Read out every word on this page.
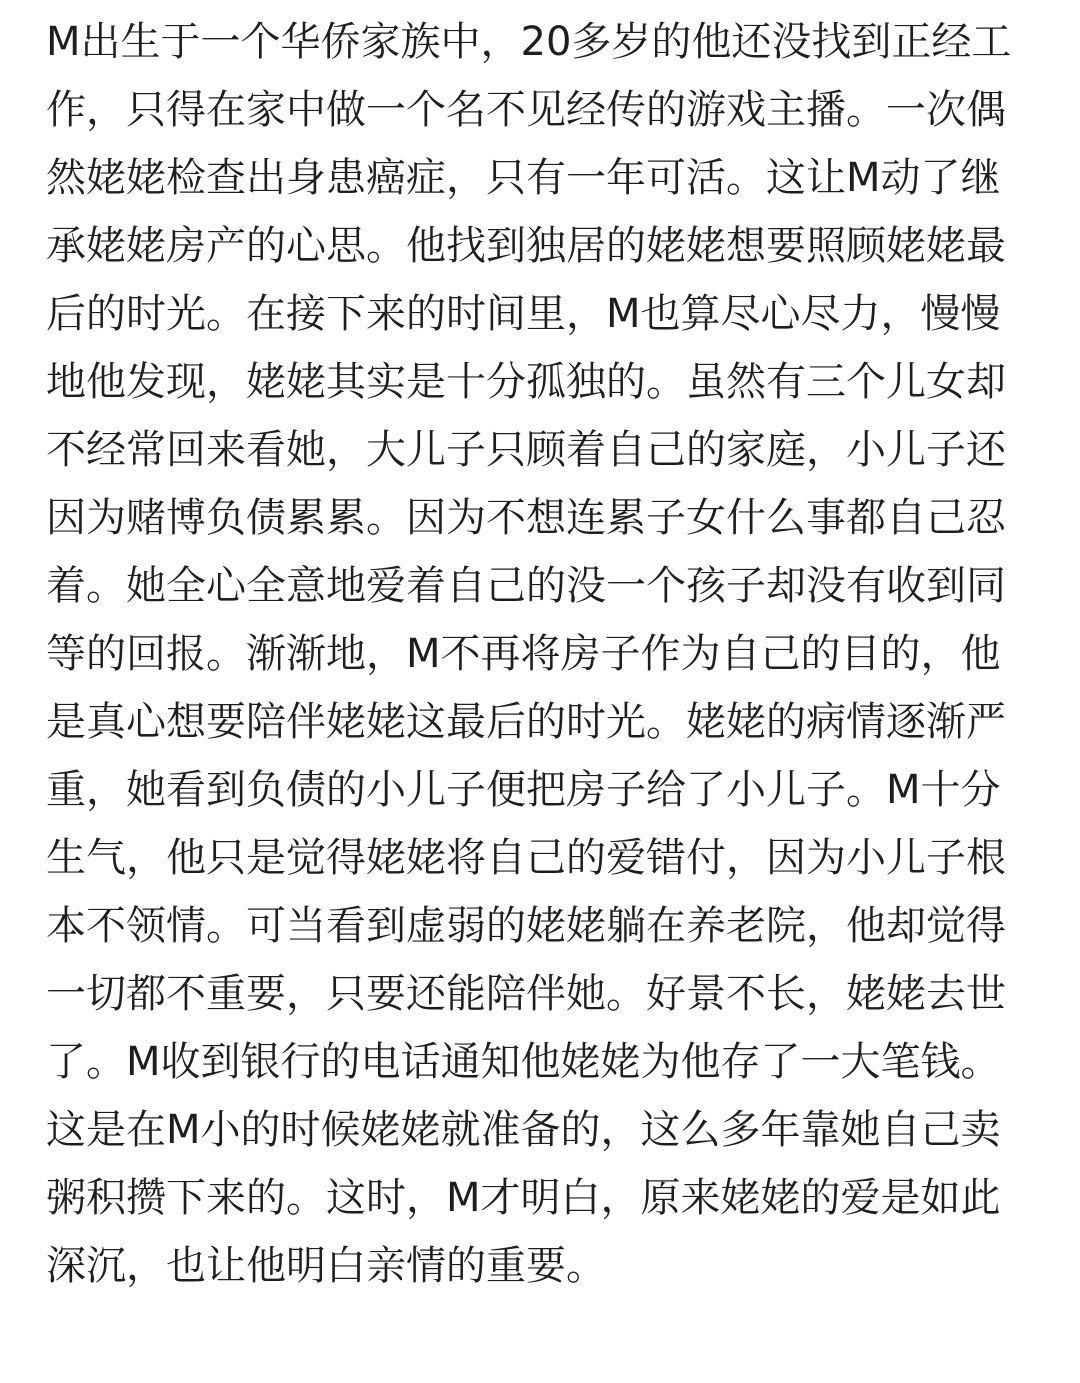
M出生于一个华侨家族中，20多岁的他还没找到正经工
作，只得在家中做一个名不见经传的游戏主播。一次偶
然姥姥检查出身患癌症，只有一年可活。这让M动了继
承姥姥房产的心思。他找到独居的姥姥想要照顾姥姥最
后的时光。在接下来的时间里，M也算尽心尽力，慢慢
地他发现，姥姥其实是十分孤独的。虽然有三个儿女却
不经常回来看她，大儿子只顾着自己的家庭，小儿子还
因为赌博负债累累。因为不想连累子女什么事都自己忍
着。她全心全意地爱着自己的没一个孩子却没有收到同
等的回报。渐渐地，M不再将房子作为自己的目的，他
是真心想要陪伴姥姥这最后的时光。姥姥的病情逐渐严
重，她看到负债的小儿子便把房子给了小儿子。M十分
生气，他只是觉得姥姥将自己的爱错付，因为小儿子根
本不领情。可当看到虚弱的姥姥躺在养老院，他却觉得
一切都不重要，只要还能陪伴她。好景不长，姥姥去世
了。M收到银行的电话通知他姥姥为他存了一大笔钱。
这是在M小的时候姥姥就准备的，这么多年靠她自己卖
粥积攒下来的。这时，M才明白，原来姥姥的爱是如此
深沉，也让他明白亲情的重要。
